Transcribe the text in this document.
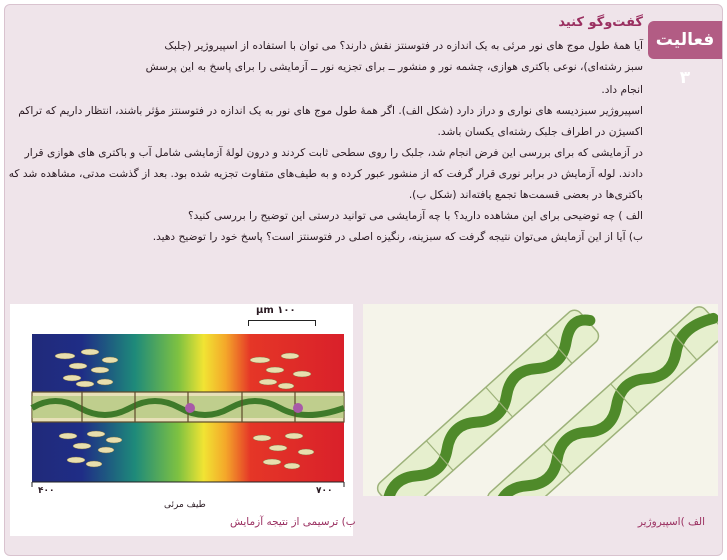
فعالیت ۳
گفت‌وگو کنید

آیا همهٔ طول موج های نور مرئی به یک اندازه در فتوسنتز نقش دارند؟ می توان با استفاده از اسپیروژیر (جلبک

سبز رشته‌ای)، نوعی باکتری هوازی، چشمه نور و منشور ــ برای تجزیه نور ــ آزمایشی را برای پاسخ به این پرسش

انجام داد.

اسپیروژیر سبزدیسه های نواری و دراز دارد (شکل الف). اگر همهٔ طول موج های نور به یک اندازه در فتوسنتز مؤثر باشند، انتظار داریم که تراکم

اکسیژن در اطراف جلبک رشته‌ای یکسان باشد.

در آزمایشی که برای بررسی این فرض انجام شد، جلبک را روی سطحی ثابت کردند و درون لولهٔ آزمایشی شامل آب و باکتری های هوازی قرار

دادند. لوله آزمایش در برابر نوری قرار گرفت که از منشور عبور کرده و به طیف‌های متفاوت تجزیه شده بود. بعد از گذشت مدتی، مشاهده شد که

باکتری‌ها در بعضی قسمت‌ها تجمع یافته‌اند (شکل ب).

الف ) چه توضیحی برای این مشاهده دارید؟ با چه آزمایشی می توانید درستی این توضیح را بررسی کنید؟

ب) آیا از این آزمایش می‌توان نتیجه گرفت که سبزینه، رنگیزه اصلی در فتوسنتز است؟ پاسخ خود را توضیح دهید.

۱۰۰ μm
۴۰۰	۷۰۰
طیف مرئی
الف )اسپیروژیر
ب) ترسیمی از نتیجه آزمایش
